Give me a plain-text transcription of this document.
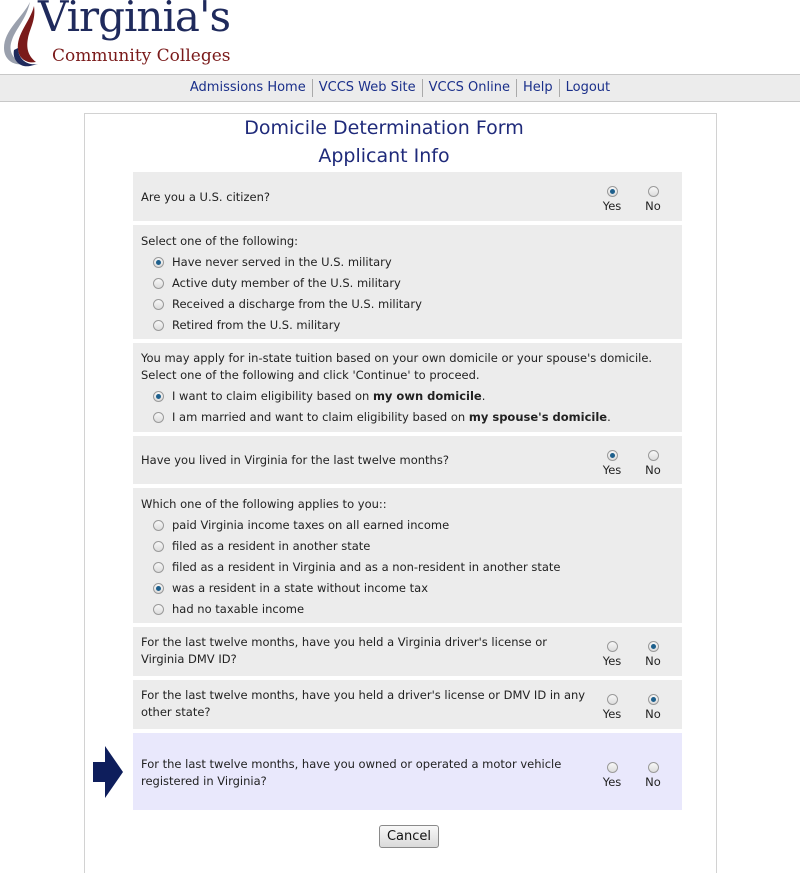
Virginia's
Community Colleges
Admissions Home	VCCS Web Site	VCCS Online	Help	Logout
Domicile Determination Form
Applicant Info
Are you a U.S. citizen?
Yes	No
Select one of the following:
Have never served in the U.S. military
Active duty member of the U.S. military
Received a discharge from the U.S. military
Retired from the U.S. military
You may apply for in-state tuition based on your own domicile or your spouse's domicile. Select one of the following and click 'Continue' to proceed.
I want to claim eligibility based on my own domicile.
I am married and want to claim eligibility based on my spouse's domicile.
Have you lived in Virginia for the last twelve months?
Yes	No
Which one of the following applies to you::
paid Virginia income taxes on all earned income
filed as a resident in another state
filed as a resident in Virginia and as a non-resident in another state
was a resident in a state without income tax
had no taxable income
For the last twelve months, have you held a Virginia driver's license or Virginia DMV ID?	Yes	No
For the last twelve months, have you held a driver's license or DMV ID in any other state?	Yes	No
For the last twelve months, have you owned or operated a motor vehicle registered in Virginia?	Yes	No
Cancel
